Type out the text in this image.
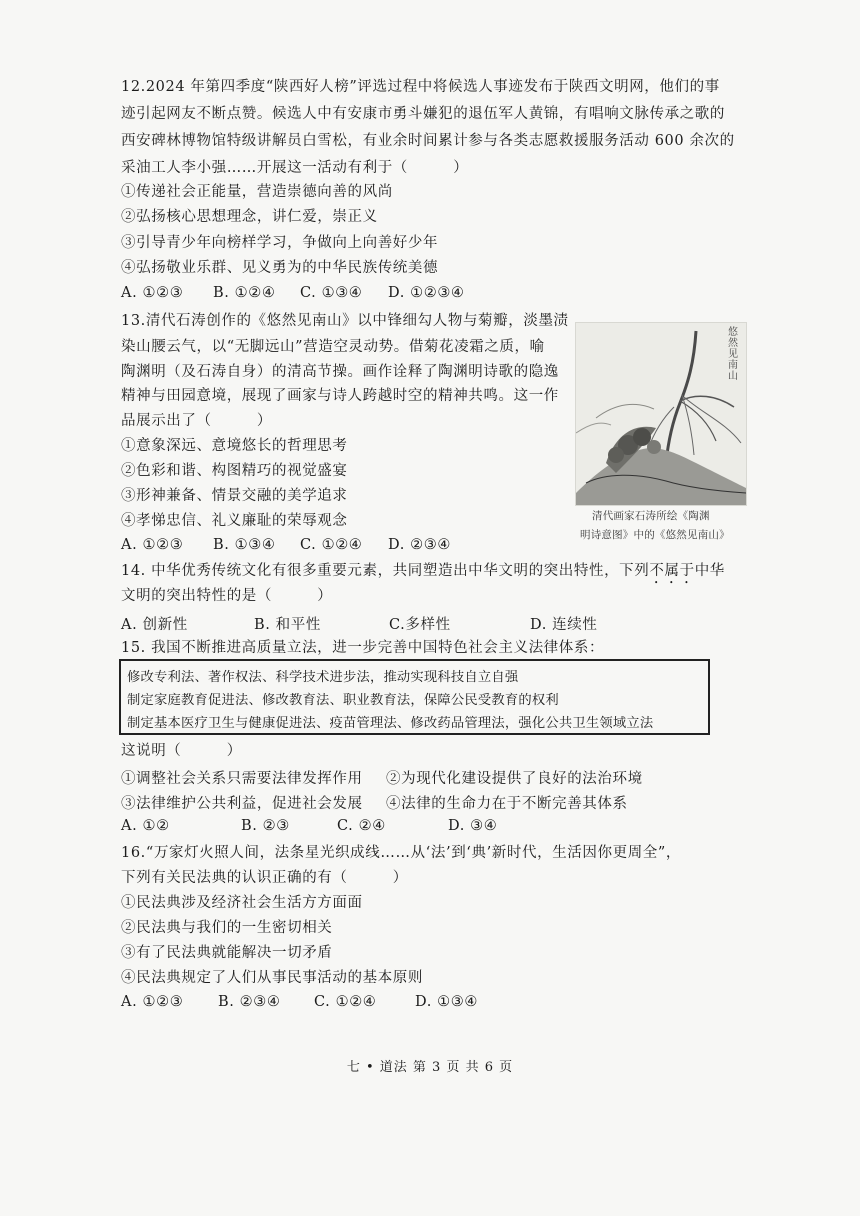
12.2024 年第四季度“陕西好人榜”评选过程中将候选人事迹发布于陕西文明网，他们的事
迹引起网友不断点赞。候选人中有安康市勇斗嫌犯的退伍军人黄锦，有唱响文脉传承之歌的
西安碑林博物馆特级讲解员白雪松，有业余时间累计参与各类志愿救援服务活动 600 余次的
采油工人李小强……开展这一活动有利于（　　　）
①传递社会正能量，营造崇德向善的风尚
②弘扬核心思想理念，讲仁爱，崇正义
③引导青少年向榜样学习，争做向上向善好少年
④弘扬敬业乐群、见义勇为的中华民族传统美德
A. ①②③ B. ①②④ C. ①③④ D. ①②③④
13.清代石涛创作的《悠然见南山》以中锋细勾人物与菊瓣，淡墨渍
染山腰云气，以“无脚远山”营造空灵动势。借菊花凌霜之质，喻
陶渊明（及石涛自身）的清高节操。画作诠释了陶渊明诗歌的隐逸
精神与田园意境，展现了画家与诗人跨越时空的精神共鸣。这一作
品展示出了（　　　）
①意象深远、意境悠长的哲理思考
②色彩和谐、构图精巧的视觉盛宴
③形神兼备、情景交融的美学追求
④孝悌忠信、礼义廉耻的荣辱观念
A. ①②③ B. ①③④ C. ①②④ D. ②③④
悠然见南山
清代画家石涛所绘《陶渊
明诗意图》中的《悠然见南山》
14. 中华优秀传统文化有很多重要元素，共同塑造出中华文明的突出特性，下列不属于中华
文明的突出特性的是（　　　）
A. 创新性	B. 和平性	C.多样性	D. 连续性
15. 我国不断推进高质量立法，进一步完善中国特色社会主义法律体系：
修改专利法、著作权法、科学技术进步法，推动实现科技自立自强
制定家庭教育促进法、修改教育法、职业教育法，保障公民受教育的权利
制定基本医疗卫生与健康促进法、疫苗管理法、修改药品管理法，强化公共卫生领域立法
这说明（　　　）
①调整社会关系只需要法律发挥作用 ②为现代化建设提供了良好的法治环境
③法律维护公共利益，促进社会发展 ④法律的生命力在于不断完善其体系
A. ①②	B. ②③	C. ②④	D. ③④
16.“万家灯火照人间，法条星光织成线……从‘法’到‘典’新时代，生活因你更周全”，
下列有关民法典的认识正确的有（　　　）
①民法典涉及经济社会生活方方面面
②民法典与我们的一生密切相关
③有了民法典就能解决一切矛盾
④民法典规定了人们从事民事活动的基本原则
A. ①②③ B. ②③④ C. ①②④	D. ①③④
七 • 道法 第 3 页 共 6 页
